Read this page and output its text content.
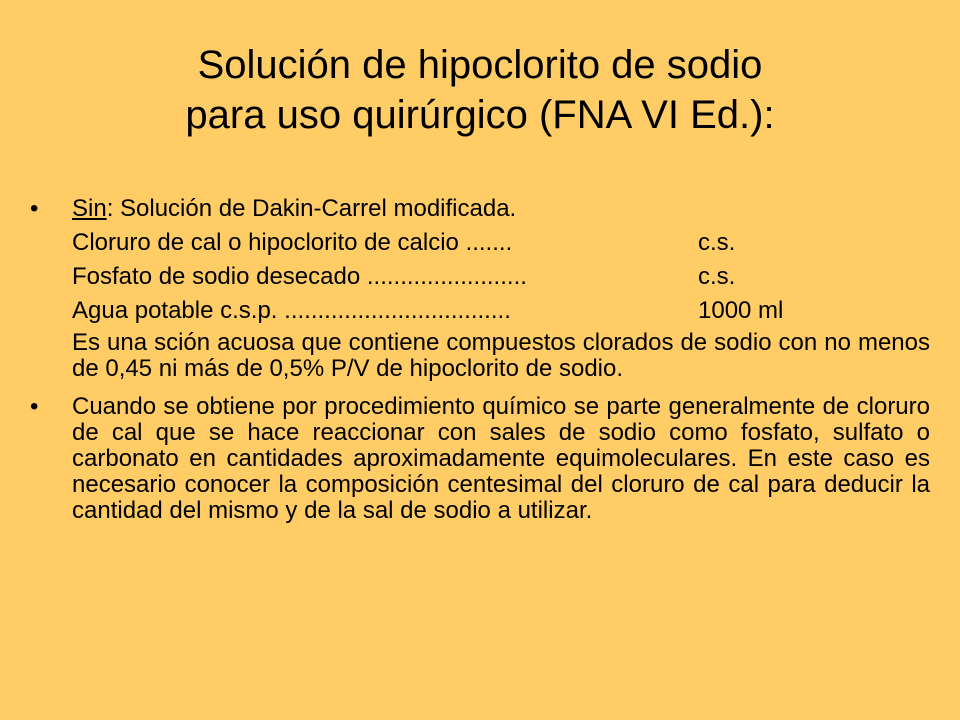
Solución de hipoclorito de sodio
para uso quirúrgico (FNA VI Ed.):
•	Sin: Solución de Dakin-Carrel modificada.
Cloruro de cal o hipoclorito de calcio .......	c.s.
Fosfato de sodio desecado ........................	c.s.
Agua potable c.s.p. ..................................	1000 ml
Es una sción acuosa que contiene compuestos clorados de sodio con no menos de 0,45 ni más de 0,5% P/V de hipoclorito de sodio.
•	Cuando se obtiene por procedimiento químico se parte generalmente de cloruro de cal que se hace reaccionar con sales de sodio como fosfato, sulfato o carbonato en cantidades aproximadamente equimoleculares. En este caso es necesario conocer la composición centesimal del cloruro de cal para deducir la cantidad del mismo y de la sal de sodio a utilizar.
